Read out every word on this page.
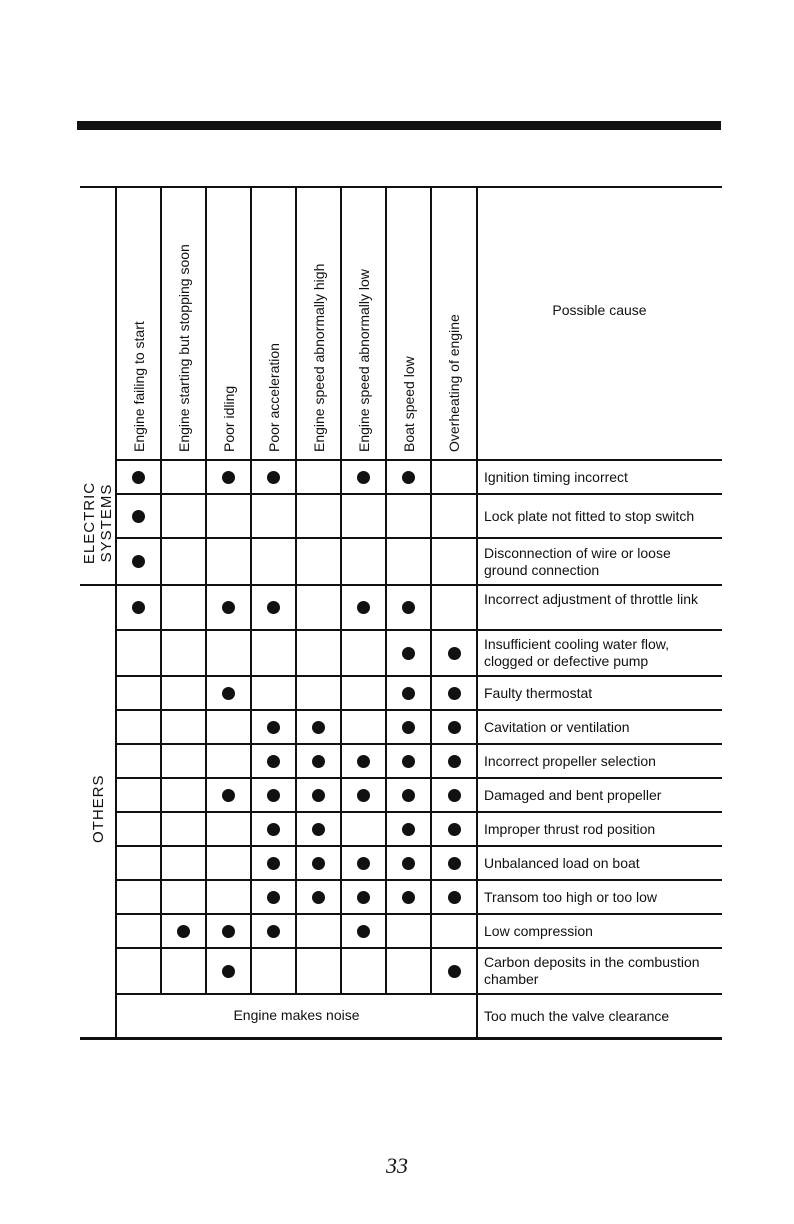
Engine failing to start Engine starting but stopping soon Poor idling Poor acceleration Engine speed abnormally high Engine speed abnormally low Boat speed low Overheating of engine
Possible cause
ELECTRIC
SYSTEMS
OTHERS
Ignition timing incorrect
Lock plate not fitted to stop switch
Disconnection of wire or loose ground connection
Incorrect adjustment of throttle link
Insufficient cooling water flow, clogged or defective pump
Faulty thermostat
Cavitation or ventilation
Incorrect propeller selection
Damaged and bent propeller
Improper thrust rod position
Unbalanced load on boat
Transom too high or too low
Low compression
Carbon deposits in the combustion chamber
Engine makes noise	Too much the valve clearance
33
